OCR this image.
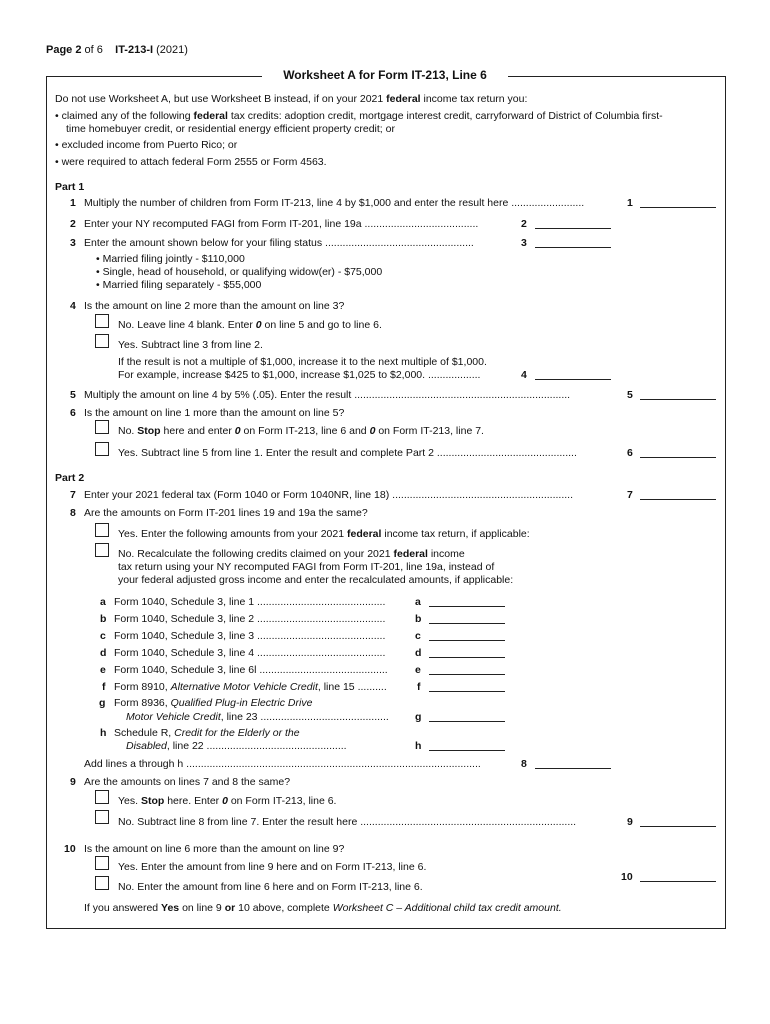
Page 2 of 6 IT-213-I (2021)
Worksheet A for Form IT-213, Line 6
Do not use Worksheet A, but use Worksheet B instead, if on your 2021 federal income tax return you:
• claimed any of the following federal tax credits: adoption credit, mortgage interest credit, carryforward of District of Columbia first-
time homebuyer credit, or residential energy efficient property credit; or
• excluded income from Puerto Rico; or
• were required to attach federal Form 2555 or Form 4563.
Part 1
1 Multiply the number of children from Form IT-213, line 4 by $1,000 and enter the result here .........................	1
2 Enter your NY recomputed FAGI from Form IT-201, line 19a .......................................	2
3 Enter the amount shown below for your filing status ...................................................	3
• Married filing jointly - $110,000
• Single, head of household, or qualifying widow(er) - $75,000
• Married filing separately - $55,000
4 Is the amount on line 2 more than the amount on line 3?
No. Leave line 4 blank. Enter 0 on line 5 and go to line 6.
Yes. Subtract line 3 from line 2.
If the result is not a multiple of $1,000, increase it to the next multiple of $1,000.
For example, increase $425 to $1,000, increase $1,025 to $2,000. ..................	4
5 Multiply the amount on line 4 by 5% (.05). Enter the result ..........................................................................	5
6 Is the amount on line 1 more than the amount on line 5?
No. Stop here and enter 0 on Form IT-213, line 6 and 0 on Form IT-213, line 7.
Yes. Subtract line 5 from line 1. Enter the result and complete Part 2 ................................................	6
Part 2
7 Enter your 2021 federal tax (Form 1040 or Form 1040NR, line 18) ..............................................................	7
8 Are the amounts on Form IT-201 lines 19 and 19a the same?
Yes. Enter the following amounts from your 2021 federal income tax return, if applicable:
No. Recalculate the following credits claimed on your 2021 federal income
tax return using your NY recomputed FAGI from Form IT-201, line 19a, instead of
your federal adjusted gross income and enter the recalculated amounts, if applicable:
a Form 1040, Schedule 3, line 1 ............................................	a
b Form 1040, Schedule 3, line 2 ............................................	b
c Form 1040, Schedule 3, line 3 ............................................	c
d Form 1040, Schedule 3, line 4 ............................................	d
e Form 1040, Schedule 3, line 6l ............................................	e
f Form 8910, Alternative Motor Vehicle Credit, line 15 ..........	f
g Form 8936, Qualified Plug-in Electric Drive
Motor Vehicle Credit, line 23 ............................................ g
h Schedule R, Credit for the Elderly or the
Disabled, line 22 ................................................	h
Add lines a through h .....................................................................................................	8
9 Are the amounts on lines 7 and 8 the same?
Yes. Stop here. Enter 0 on Form IT-213, line 6.
No. Subtract line 8 from line 7. Enter the result here ..........................................................................	9
10 Is the amount on line 6 more than the amount on line 9?
Yes. Enter the amount from line 9 here and on Form IT-213, line 6.
No. Enter the amount from line 6 here and on Form IT-213, line 6.
10
If you answered Yes on line 9 or 10 above, complete Worksheet C – Additional child tax credit amount.
